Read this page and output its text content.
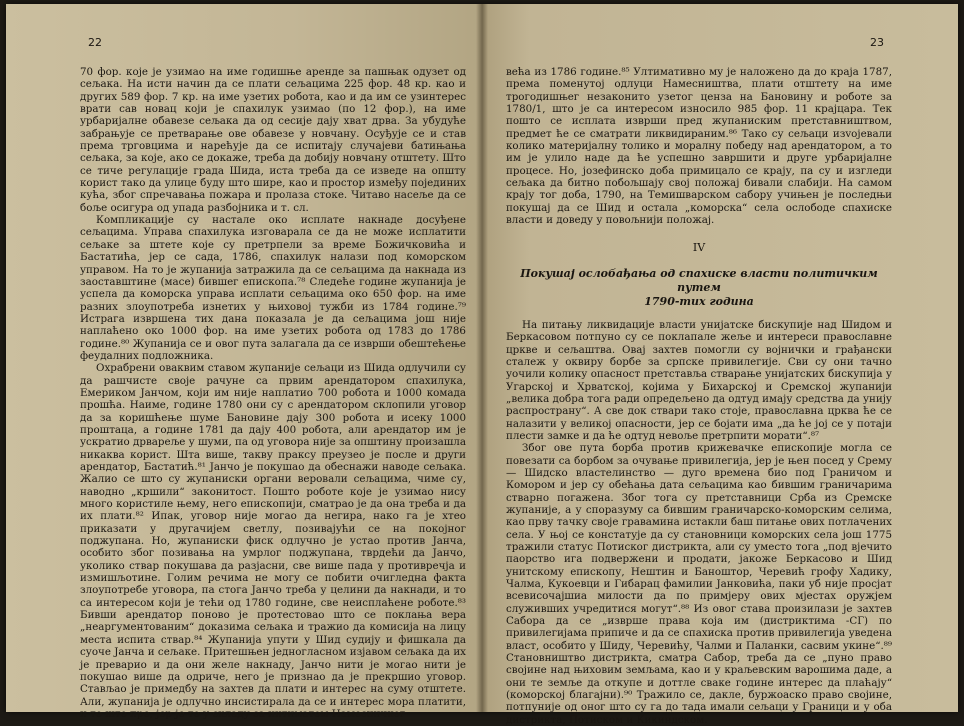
22

70 фор. које је узимао на име годишње аренде за пашњак одузет од сељака. На исти начин да се плати сељацима 225 фор. 48 кр. као и других 589 фор. 7 кр. на име узетих робота, као и да им се узинтерес врати сав новац који је спахилук узимао (по 12 фор.), на име урбаријалне обавезе сељака да од сесије дају хват дрва. За убудуће забрањује се претварање ове обавезе у новчану. Осуђује се и став према трговцима и нарећује да се испитају случајеви батињања сељака, за које, ако се докаже, треба да добију новчану отштету. Што се тиче регулације града Шида, иста треба да се изведе на општу корист тако да улице буду што шире, као и простор између појединих кућа, због спречавања пожара и пролаза стоке. Читаво насеље да се боље осигура од упада разбојника и т. сл.

Компликације су настале око исплате накнаде досуђене сељацима. Управа спахилука изговарала се да не може исплатити сељаке за штете које су претрпели за време Божичковића и Бастатића, јер се сада, 1786, спахилук налази под коморском управом. На то је жупанија затражила да се сељацима да накнада из заоставштине (масе) бившег епископа.⁷⁸ Следеће године жупанија је успела да коморска управа исплати сељацима око 650 фор. на име разних злоупотреба изнетих у њиховој тужби из 1784 године.⁷⁹ Истрага извршена тих дана показала је да сељацима још није наплаћено око 1000 фор. на име узетих робота од 1783 до 1786 године.⁸⁰ Жупанија се и овог пута залагала да се изврши обештећење феудалних подложника.

Охрабрени оваквим ставом жупаније сељаци из Шида одлучили су да рашчисте своје рачуне са првим арендатором спахилука, Емериком Јанчом, који им није наплатио 700 робота и 1000 комада прошћа. Наиме, године 1780 они су с арендатором склопили уговор да за коришћење шуме Бановине дају 300 робота и исеку 1000 проштаца, а године 1781 да дају 400 робота, али арендатор им је ускратио дрвареље у шуми, па од уговора није за општину произашла никаква корист. Шта више, такву праксу преузео је после и други арендатор, Бастатић.⁸¹ Јанчо је покушао да обеснажи наводе сељака. Жалио се што су жупаниски органи веровали сељацима, чиме су, наводно „кршили“ законитост. Пошто роботе које је узимао нису многo користиле њему, него епископији, сматрао је да она треба и да их плати.⁸² Ипак, уговор није могао да негира, нако га је хтео приказати у другачијем светлу, позивајући се на покојног поджупана. Но, жупаниски фиск одлучно је устао против Јанча, особито због позивања на умрлог поджупана, тврдећи да Јанчо, уколико ствар покушава да разјасни, све више пада у противречја и измишљотине. Голим речима не могу се побити очигледна факта злоупотребе уговора, па стога Јанчо треба у целини да накнади, и то са интересом који је тећи од 1780 године, све неисплаћене роботе.⁸³ Бивши арендатор поново је протестовао што се поклања вера „неаргументованим“ доказима сељака и тражио да комисија на лицу места испита ствар.⁸⁴ Жупанија упути у Шид судију и фишкала да суоче Јанча и сељаке. Притешњен једногласном изјавом сељака да их је преварио и да они желе накнаду, Јанчо нити је могао нити је покушао више да одриче, него је признао да је прекршио уговор. Стављао је примедбу на захтев да плати и интерес на суму отштете. Али, жупанија је одлучно инсистирала да се и интерес мора платити, и то што пре, јер је то у складу са интиматом Намесничког

23

већа из 1786 године.⁸⁵ Ултимативно му је наложено да до краја 1787, према поменутој одлуци Намесништва, плати отштету на име трогодишњег незаконито узетог ценза на Бановину и роботе за 1780/1, што је са интересом износило 985 фор. 11 крајцара. Тек пошто се исплата изврши пред жупаниским претставништвом, предмет ће се сматрати ликвидираним.⁸⁶ Тако су сељаци изvojевали колико материјалну толико и моралну победу над арендатором, а то им је улило наде да ће успешно завршити и друге урбаријалне процесе. Но, јозефинско доба примицало се крају, па су и изгледи сељака да битно побољшају свој положај бивали слабији. На самом крају тог доба, 1790, на Темишварском сабору учињен је последњи покушај да се Шид и остала „коморска“ села ослободе спахиске власти и доведу у повољнији положај.

IV
Покушај ослобађања од спахиске власти политичким путем
1790-тих година

На питању ликвидације власти унијатске бискупије над Шидом и Беркасовом потпуно су се поклапале жеље и интереси православне цркве и сељаштва. Овај захтев помогли су војнички и грађански сталеж у оквиру борбе за српске привилегије. Сви су они тачно уочили колику опасност претставља стварање унијатских бискупија у Угарској и Хрватској, којима у Бихарској и Сремској жупанији „велика добра тога ради опредељено да одтуд имају средства да унију распространу“. А све док ствари тако стоје, православна црква ће се налазити у великој опасности, јер се бојати има „да ће јој се у потаји плести замке и да ће одтуд невоље претрпити морати“.⁸⁷

Због ове пута борба против крижевачке епископије могла се повезати са борбом за очување привилегија, јер је њен посед у Срему — Шидско властелинство — дуго времена био под Граничом и Комором и јер су обећања дата сељацима као бившим граничарима стварно погажена. Због тога су претставници Срба из Сремске жупаније, а у споразуму са бившим граничарско-коморским селима, као прву тачку своје гравамина истакли баш питање ових потлачених села. У њој се констатује да су становници коморских села још 1775 тражили статус Потиског дистрикта, али су уместо тога „под вјечито паорство ига подвержени и продати, јакоже Беркасово и Шид унитскому епископу, Нештин и Баноштор, Черевић грофу Хадику, Чалма, Кукоевци и Гибарац фамилии Јанковића, паки уб није просјат всевисочајшиа милости да по примјеру ових мјестах оружјем служивших учредитися могут“.⁸⁸ Из овог става произилази је захтев Сабора да се „изврше права која им (дистриктима -СГ) по привилегијама припиче и да се спахиска против привилегија уведена власт, особито у Шиду, Черевићу, Чалми и Паланки, сасвим укине“.⁸⁹ Становништво дистрикта, сматра Сабор, треба да се „пуно право својине над њиховим земљама, као и у краљевским варошима даде, а они те земље да откупе и доттле сваке године интерес да плаћају“ (коморској благајни).⁹⁰ Тражило се, дакле, буржоаско право својине, потпуније од оног што су га до тада имали сељаци у Граници и у оба дистрикта, Потиском и Кикиндском.
